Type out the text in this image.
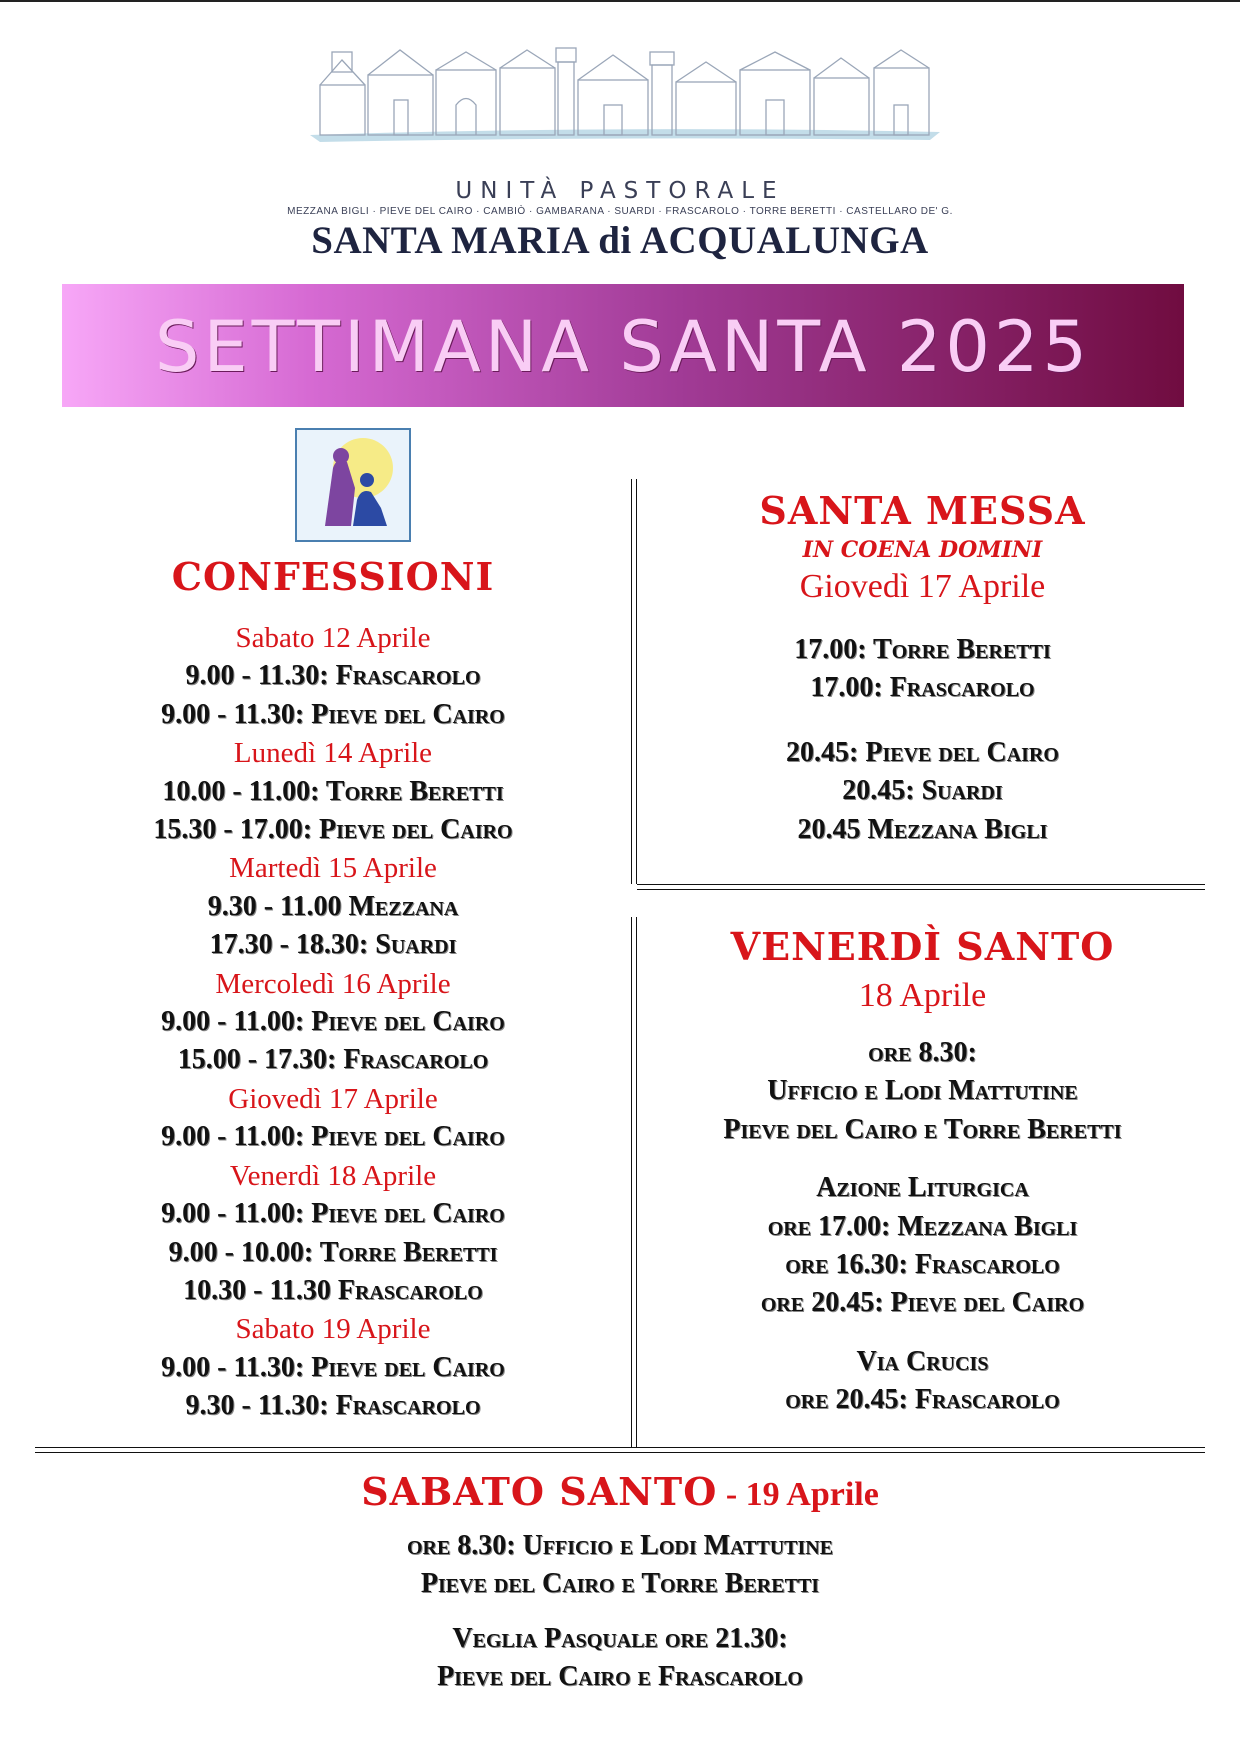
UNITÀ PASTORALE
MEZZANA BIGLI · PIEVE DEL CAIRO · CAMBIÒ · GAMBARANA · SUARDI · FRASCAROLO · TORRE BERETTI · CASTELLARO DE' G.
SANTA MARIA di ACQUALUNGA
SETTIMANA SANTA 2025
CONFESSIONI
Sabato 12 Aprile
9.00 - 11.30: Frascarolo
9.00 - 11.30: Pieve del Cairo
Lunedì 14 Aprile
10.00 - 11.00: Torre Beretti
15.30 - 17.00: Pieve del Cairo
Martedì 15 Aprile
9.30 - 11.00 Mezzana
17.30 - 18.30: Suardi
Mercoledì 16 Aprile
9.00 - 11.00: Pieve del Cairo
15.00 - 17.30: Frascarolo
Giovedì 17 Aprile
9.00 - 11.00: Pieve del Cairo
Venerdì 18 Aprile
9.00 - 11.00: Pieve del Cairo
9.00 - 10.00: Torre Beretti
10.30 - 11.30 Frascarolo
Sabato 19 Aprile
9.00 - 11.30: Pieve del Cairo
9.30 - 11.30: Frascarolo
SANTA MESSA
IN COENA DOMINI
Giovedì 17 Aprile
17.00: Torre Beretti
17.00: Frascarolo
20.45: Pieve del Cairo
20.45: Suardi
20.45 Mezzana Bigli
VENERDÌ SANTO
18 Aprile
ore 8.30:
Ufficio e Lodi Mattutine
Pieve del Cairo e Torre Beretti
Azione Liturgica
ore 17.00: Mezzana Bigli
ore 16.30: Frascarolo
ore 20.45: Pieve del Cairo
Via Crucis
ore 20.45: Frascarolo
SABATO SANTO - 19 Aprile
ore 8.30: Ufficio e Lodi Mattutine
Pieve del Cairo e Torre Beretti
Veglia Pasquale ore 21.30:
Pieve del Cairo e Frascarolo
